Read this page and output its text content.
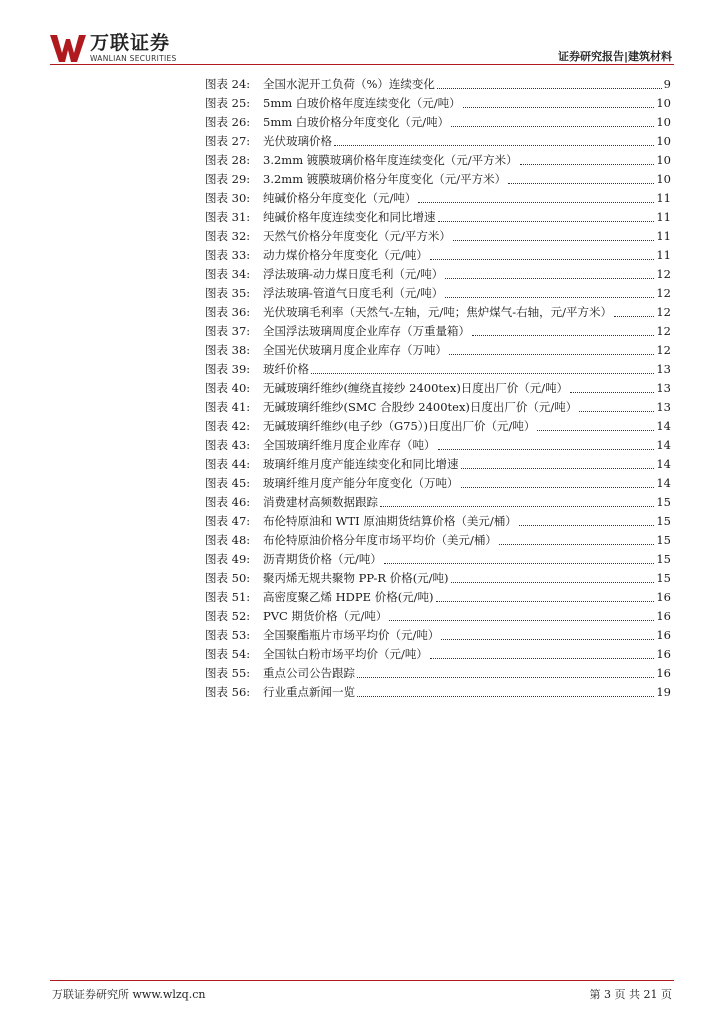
万联证券
WANLIAN SECURITIES	证券研究报告|建筑材料
图表 24:	全国水泥开工负荷（%）连续变化	9
图表 25:	5mm 白玻价格年度连续变化（元/吨）	10
图表 26:	5mm 白玻价格分年度变化（元/吨）	10
图表 27:	光伏玻璃价格	10
图表 28:	3.2mm 镀膜玻璃价格年度连续变化（元/平方米）	10
图表 29:	3.2mm 镀膜玻璃价格分年度变化（元/平方米）	10
图表 30:	纯碱价格分年度变化（元/吨）	11
图表 31:	纯碱价格年度连续变化和同比增速	11
图表 32:	天然气价格分年度变化（元/平方米）	11
图表 33:	动力煤价格分年度变化（元/吨）	11
图表 34:	浮法玻璃-动力煤日度毛利（元/吨）	12
图表 35:	浮法玻璃-管道气日度毛利（元/吨）	12
图表 36:	光伏玻璃毛利率（天然气-左轴，元/吨；焦炉煤气-右轴，元/平方米）	12
图表 37:	全国浮法玻璃周度企业库存（万重量箱）	12
图表 38:	全国光伏玻璃月度企业库存（万吨）	12
图表 39:	玻纤价格	13
图表 40:	无碱玻璃纤维纱(缠绕直接纱 2400tex)日度出厂价（元/吨）	13
图表 41:	无碱玻璃纤维纱(SMC 合股纱 2400tex)日度出厂价（元/吨）	13
图表 42:	无碱玻璃纤维纱(电子纱（G75）)日度出厂价（元/吨）	14
图表 43:	全国玻璃纤维月度企业库存（吨）	14
图表 44:	玻璃纤维月度产能连续变化和同比增速	14
图表 45:	玻璃纤维月度产能分年度变化（万吨）	14
图表 46:	消费建材高频数据跟踪	15
图表 47:	布伦特原油和 WTI 原油期货结算价格（美元/桶）	15
图表 48:	布伦特原油价格分年度市场平均价（美元/桶）	15
图表 49:	沥青期货价格（元/吨）	15
图表 50:	聚丙烯无规共聚物 PP-R 价格(元/吨)	15
图表 51:	高密度聚乙烯 HDPE 价格(元/吨)	16
图表 52:	PVC 期货价格（元/吨）	16
图表 53:	全国聚酯瓶片市场平均价（元/吨）	16
图表 54:	全国钛白粉市场平均价（元/吨）	16
图表 55:	重点公司公告跟踪	16
图表 56:	行业重点新闻一览	19
万联证券研究所 www.wlzq.cn	第 3 页 共 21 页
